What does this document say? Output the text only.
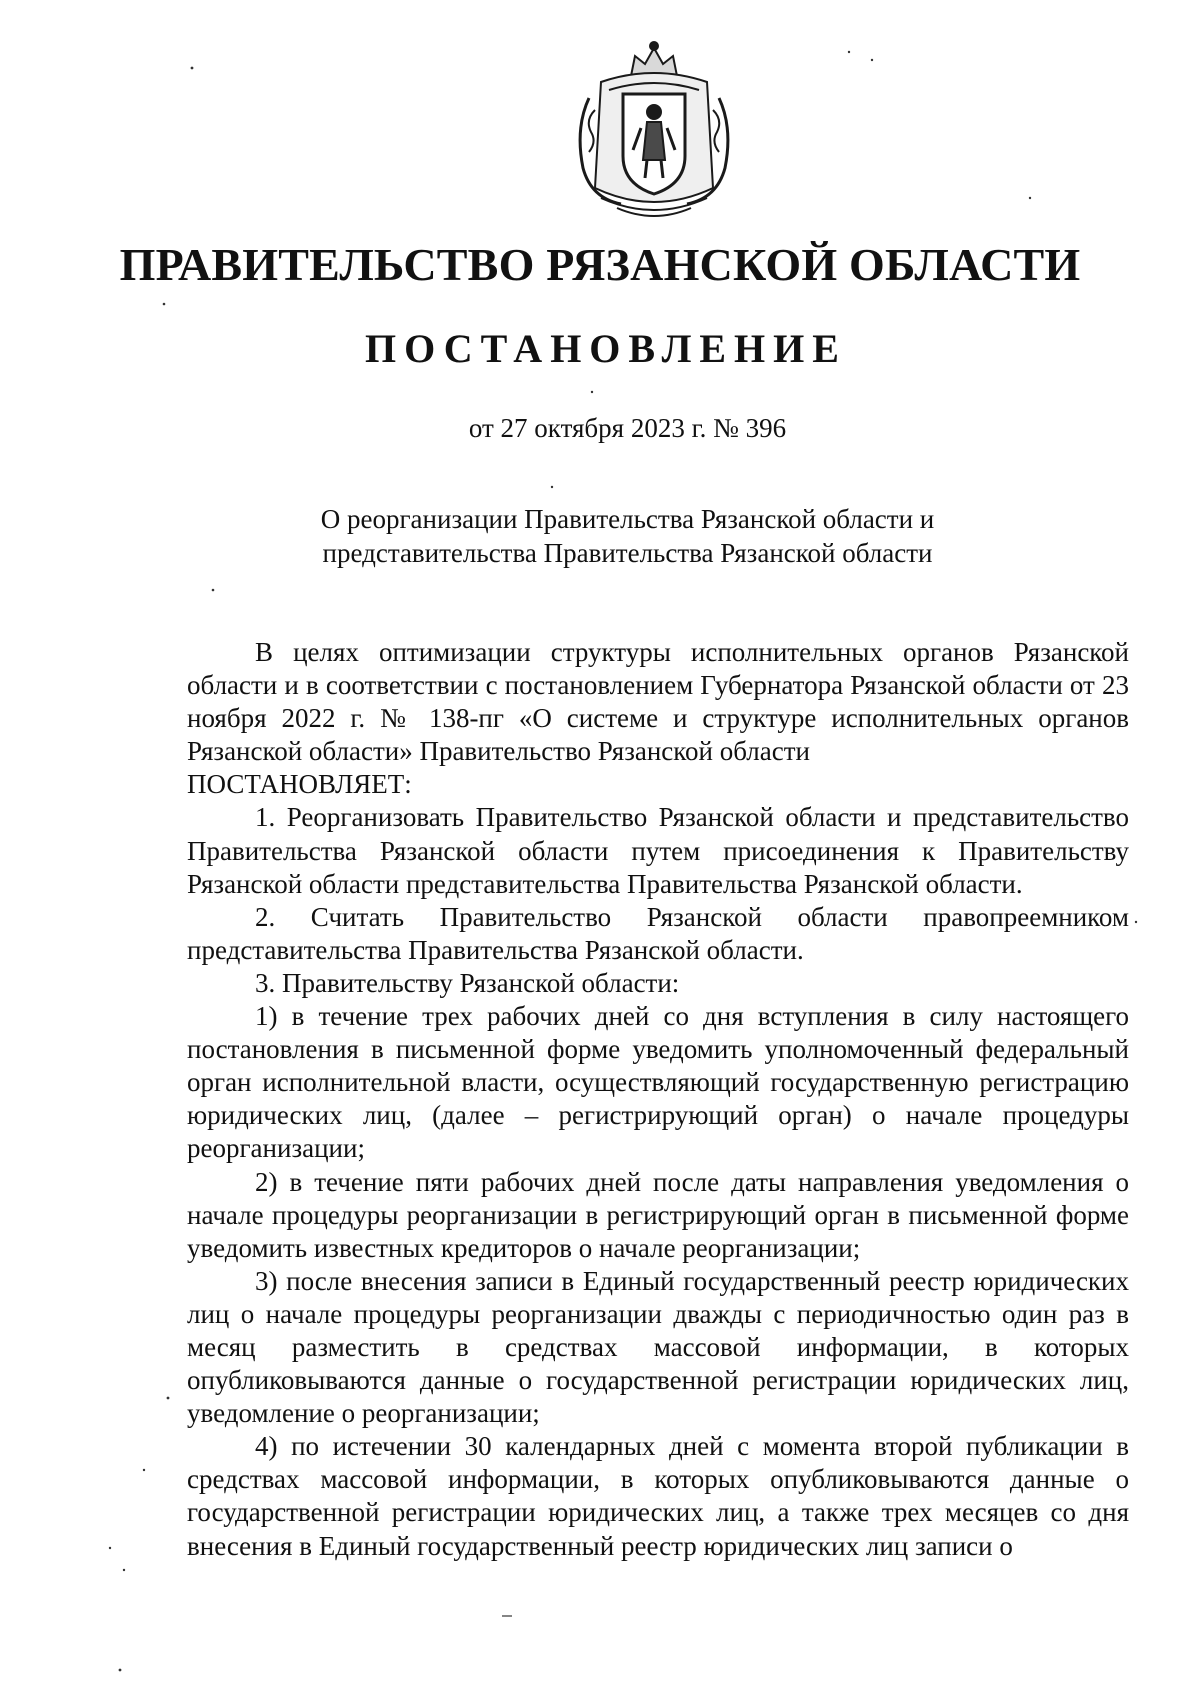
ПРАВИТЕЛЬСТВО РЯЗАНСКОЙ ОБЛАСТИ
ПОСТАНОВЛЕНИЕ

от 27 октября 2023 г. № 396

О реорганизации Правительства Рязанской области и
представительства Правительства Рязанской области

В целях оптимизации структуры исполнительных органов Рязанской области и в соответствии с постановлением Губернатора Рязанской области от 23 ноября 2022 г. № 138-пг «О системе и структуре исполнительных органов Рязанской области» Правительство Рязанской области

ПОСТАНОВЛЯЕТ:

1. Реорганизовать Правительство Рязанской области и представительство Правительства Рязанской области путем присоединения к Правительству Рязанской области представительства Правительства Рязанской области.

2. Считать Правительство Рязанской области правопреемником представительства Правительства Рязанской области.

3. Правительству Рязанской области:

1) в течение трех рабочих дней со дня вступления в силу настоящего постановления в письменной форме уведомить уполномоченный федеральный орган исполнительной власти, осуществляющий государственную регистрацию юридических лиц, (далее – регистрирующий орган) о начале процедуры реорганизации;

2) в течение пяти рабочих дней после даты направления уведомления о начале процедуры реорганизации в регистрирующий орган в письменной форме уведомить известных кредиторов о начале реорганизации;

3) после внесения записи в Единый государственный реестр юридических лиц о начале процедуры реорганизации дважды с периодичностью один раз в месяц разместить в средствах массовой информации, в которых опубликовываются данные о государственной регистрации юридических лиц, уведомление о реорганизации;

4) по истечении 30 календарных дней с момента второй публикации в средствах массовой информации, в которых опубликовываются данные о государственной регистрации юридических лиц, а также трех месяцев со дня внесения в Единый государственный реестр юридических лиц записи о
